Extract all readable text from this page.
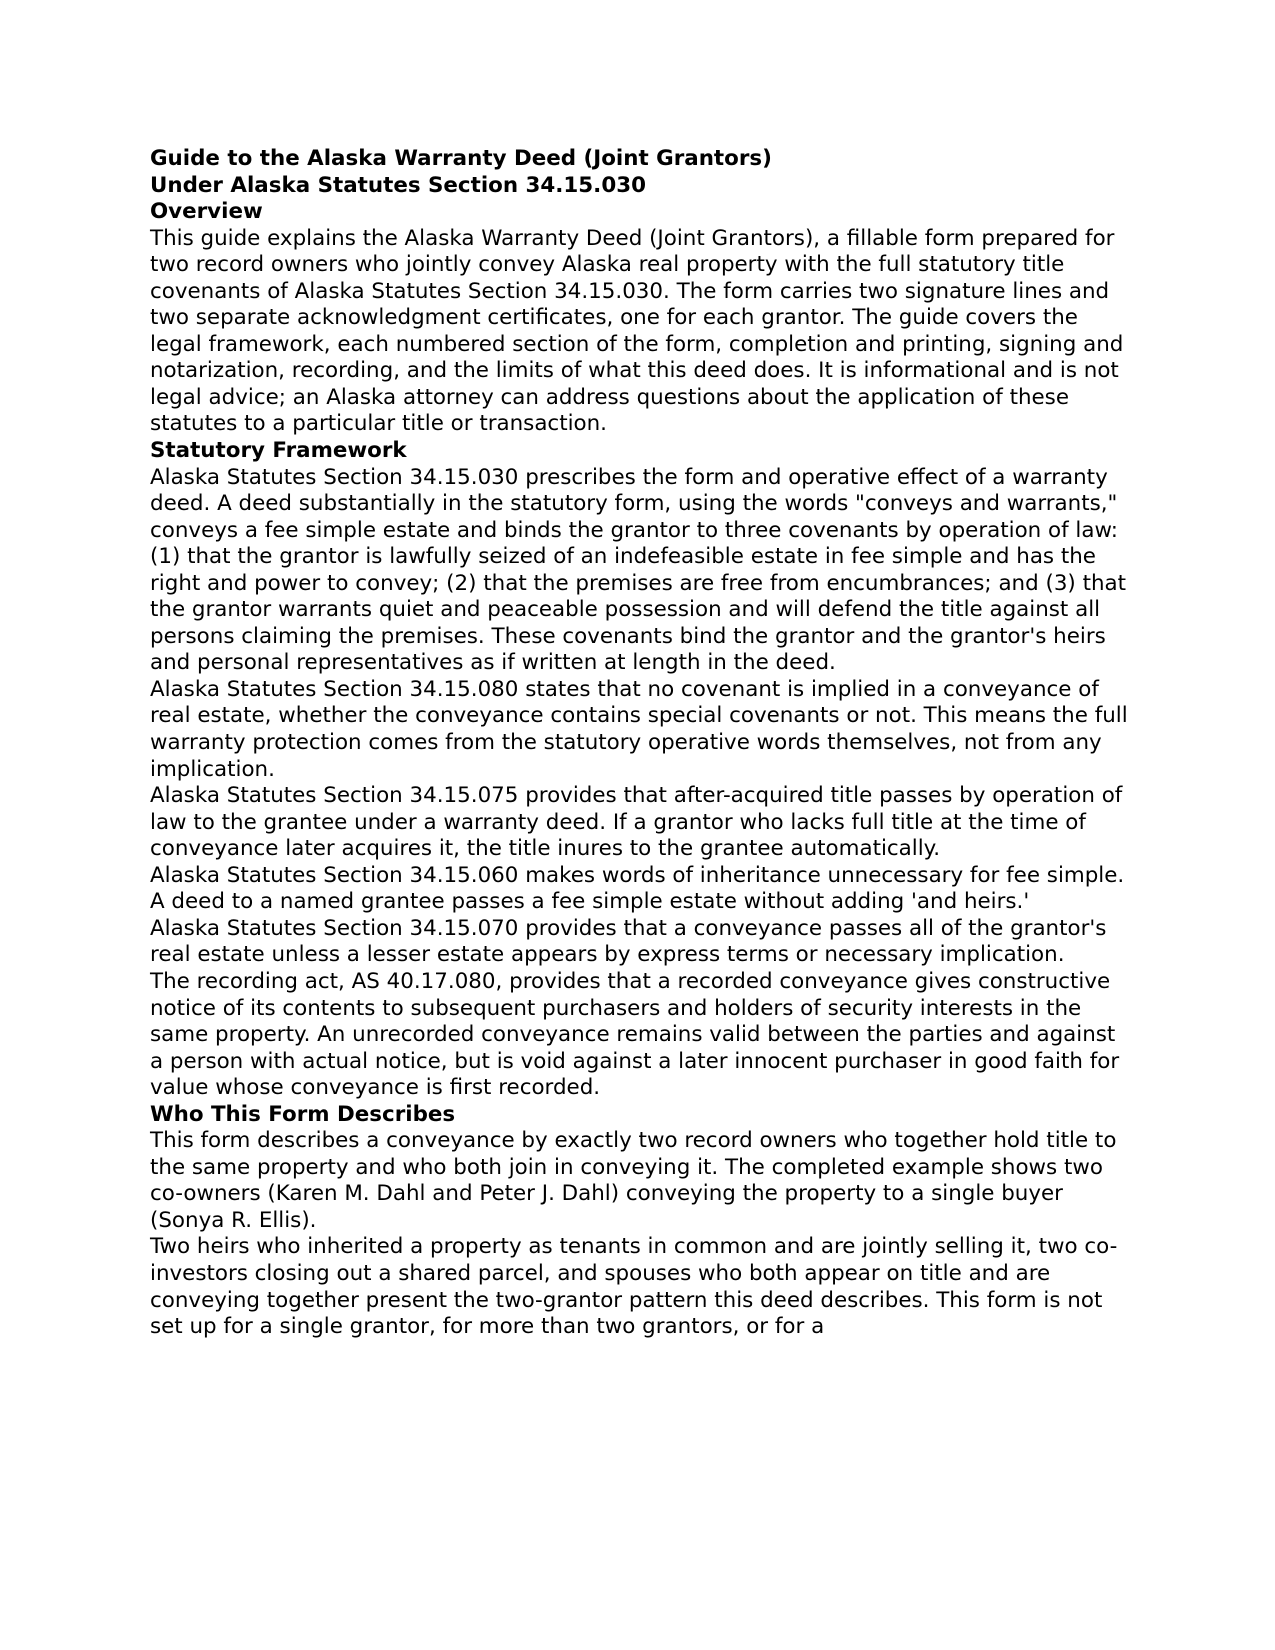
Guide to the Alaska Warranty Deed (Joint Grantors)
Under Alaska Statutes Section 34.15.030
Overview

This guide explains the Alaska Warranty Deed (Joint Grantors), a fillable form prepared for two record owners who jointly convey Alaska real property with the full statutory title covenants of Alaska Statutes Section 34.15.030. The form carries two signature lines and two separate acknowledgment certificates, one for each grantor. The guide covers the legal framework, each numbered section of the form, completion and printing, signing and notarization, recording, and the limits of what this deed does. It is informational and is not legal advice; an Alaska attorney can address questions about the application of these statutes to a particular title or transaction.

Statutory Framework

Alaska Statutes Section 34.15.030 prescribes the form and operative effect of a warranty deed. A deed substantially in the statutory form, using the words "conveys and warrants," conveys a fee simple estate and binds the grantor to three covenants by operation of law: (1) that the grantor is lawfully seized of an indefeasible estate in fee simple and has the right and power to convey; (2) that the premises are free from encumbrances; and (3) that the grantor warrants quiet and peaceable possession and will defend the title against all persons claiming the premises. These covenants bind the grantor and the grantor's heirs and personal representatives as if written at length in the deed.

Alaska Statutes Section 34.15.080 states that no covenant is implied in a conveyance of real estate, whether the conveyance contains special covenants or not. This means the full warranty protection comes from the statutory operative words themselves, not from any implication.

Alaska Statutes Section 34.15.075 provides that after-acquired title passes by operation of law to the grantee under a warranty deed. If a grantor who lacks full title at the time of conveyance later acquires it, the title inures to the grantee automatically.

Alaska Statutes Section 34.15.060 makes words of inheritance unnecessary for fee simple. A deed to a named grantee passes a fee simple estate without adding 'and heirs.'

Alaska Statutes Section 34.15.070 provides that a conveyance passes all of the grantor's real estate unless a lesser estate appears by express terms or necessary implication.

The recording act, AS 40.17.080, provides that a recorded conveyance gives constructive notice of its contents to subsequent purchasers and holders of security interests in the same property. An unrecorded conveyance remains valid between the parties and against a person with actual notice, but is void against a later innocent purchaser in good faith for value whose conveyance is first recorded.

Who This Form Describes

This form describes a conveyance by exactly two record owners who together hold title to the same property and who both join in conveying it. The completed example shows two co-owners (Karen M. Dahl and Peter J. Dahl) conveying the property to a single buyer (Sonya R. Ellis).

Two heirs who inherited a property as tenants in common and are jointly selling it, two co-investors closing out a shared parcel, and spouses who both appear on title and are conveying together present the two-grantor pattern this deed describes. This form is not set up for a single grantor, for more than two grantors, or for a
